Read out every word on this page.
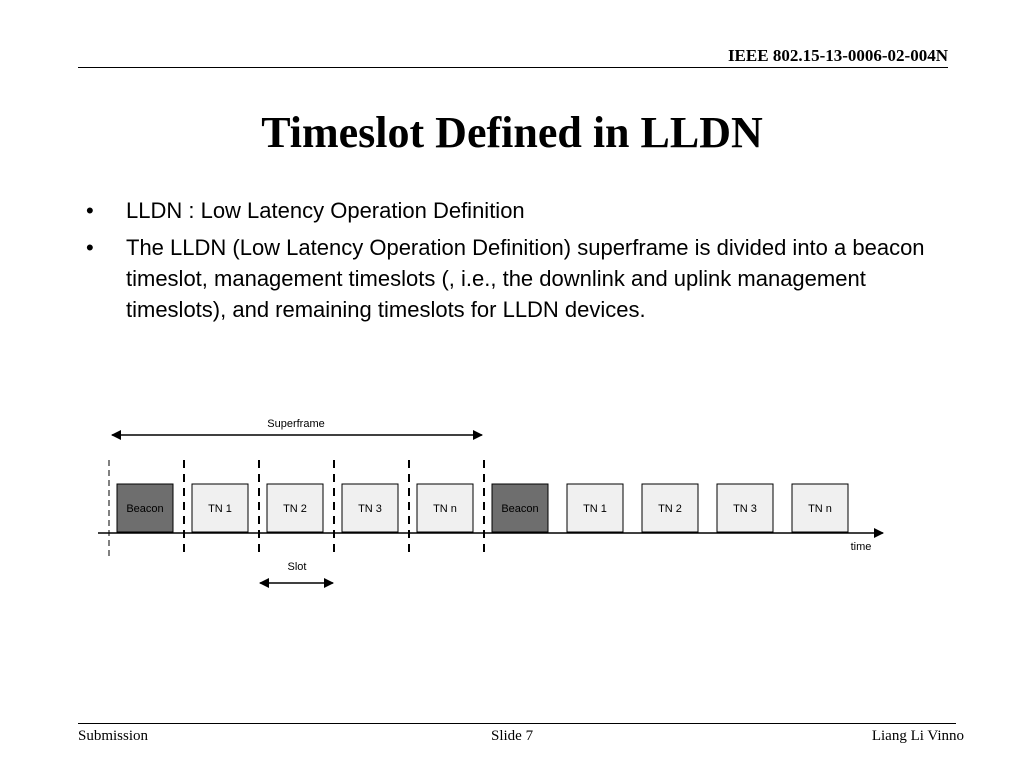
IEEE 802.15-13-0006-02-004N
Timeslot Defined in LLDN
• LLDN : Low Latency Operation Definition
• The LLDN (Low Latency Operation Definition) superframe is divided into a beacon timeslot, management timeslots (, i.e., the downlink and uplink management timeslots), and remaining timeslots for LLDN devices.
Superframe
Beacon	TN 1	TN 2	TN 3	TN n	Beacon	TN 1	TN 2	TN 3	TN n
time
Slot
Submission	Slide 7	Liang Li Vinno
